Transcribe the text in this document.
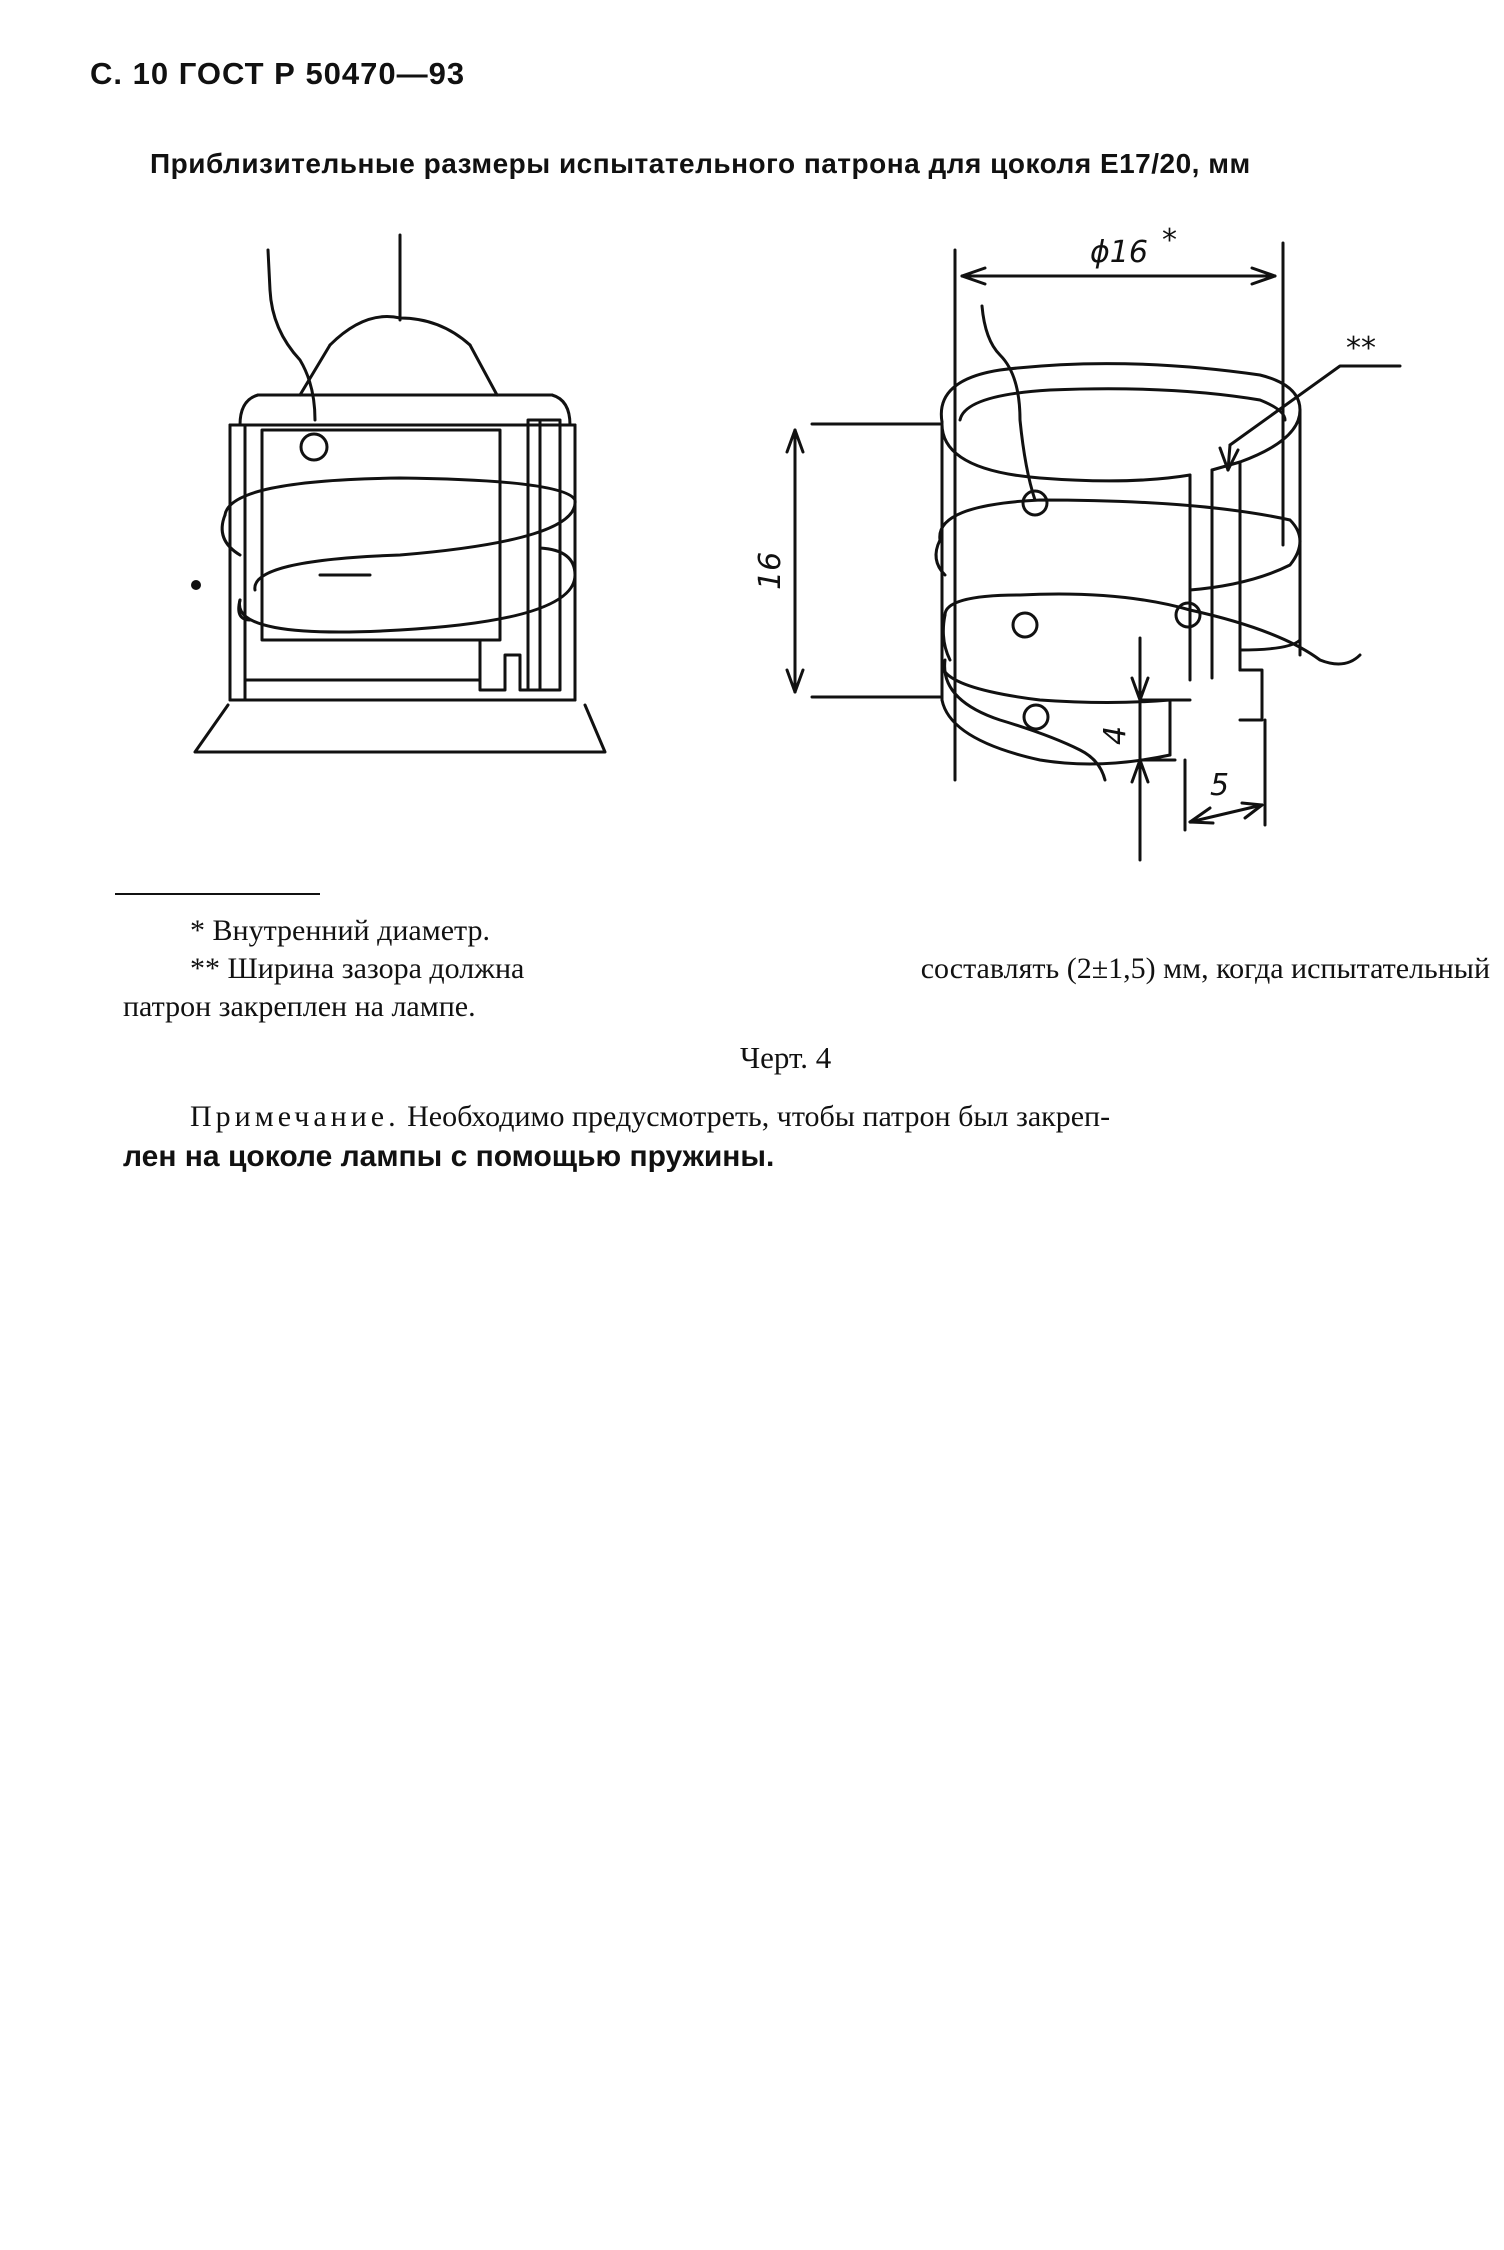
С. 10 ГОСТ Р 50470—93
Приблизительные размеры испытательного патрона для цоколя Е17/20, мм
ϕ16 *
**
16
4
5
* Внутренний диаметр.
** Ширина зазора должна	составлять (2±1,5) мм, когда испытательный
патрон закреплен на лампе.
Черт. 4
Примечание. Необходимо предусмотреть, чтобы патрон был закреп-
лен на цоколе лампы с помощью пружины.
